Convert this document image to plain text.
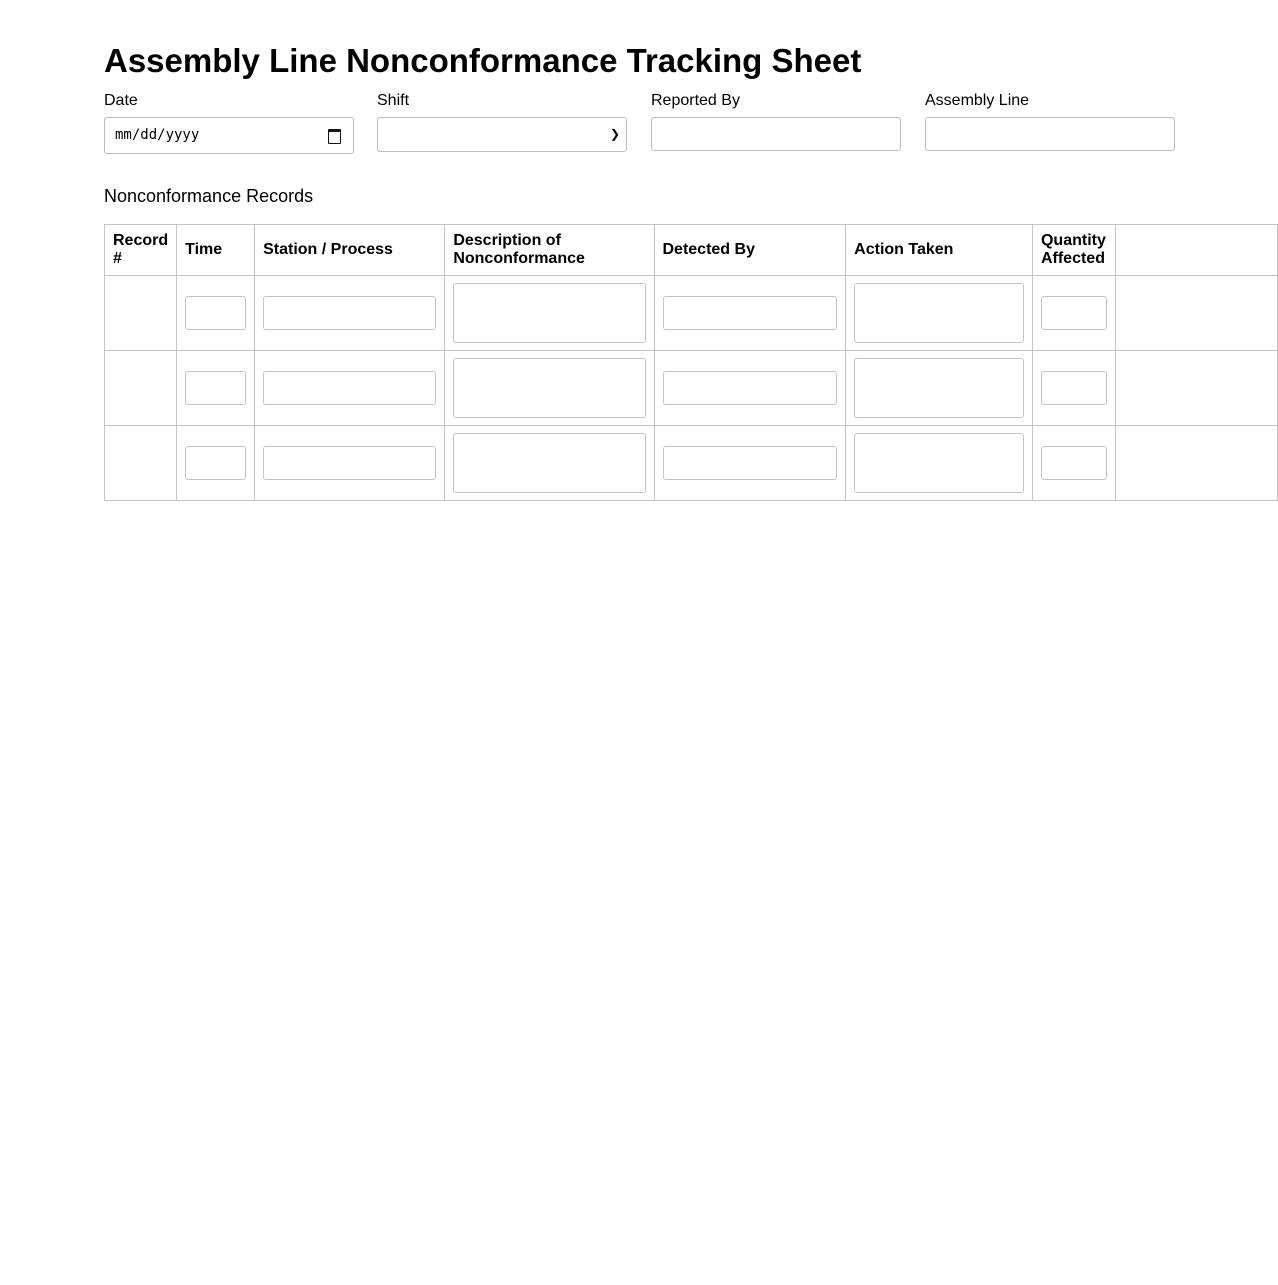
Assembly Line Nonconformance Tracking Sheet
Date
mm/dd/yyyy
Shift
❯
Reported By	Assembly Line
Nonconformance Records
Record #	Time	Station / Process	Description of Nonconformance	Detected By	Action Taken	Quantity Affected	
